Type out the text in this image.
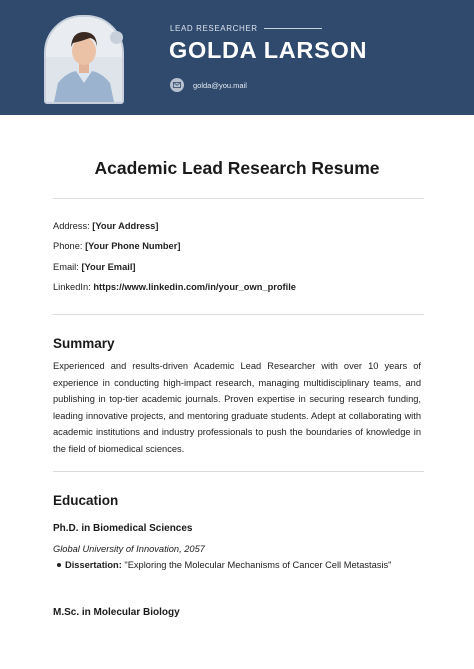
LEAD RESEARCHER
GOLDA LARSON
golda@you.mail
Academic Lead Research Resume
Address: [Your Address]
Phone: [Your Phone Number]
Email: [Your Email]
LinkedIn: https://www.linkedin.com/in/your_own_profile
Summary
Experienced and results-driven Academic Lead Researcher with over 10 years of experience in conducting high-impact research, managing multidisciplinary teams, and publishing in top-tier academic journals. Proven expertise in securing research funding, leading innovative projects, and mentoring graduate students. Adept at collaborating with academic institutions and industry professionals to push the boundaries of knowledge in the field of biomedical sciences.
Education
Ph.D. in Biomedical Sciences
Global University of Innovation, 2057
Dissertation: "Exploring the Molecular Mechanisms of Cancer Cell Metastasis"
M.Sc. in Molecular Biology
